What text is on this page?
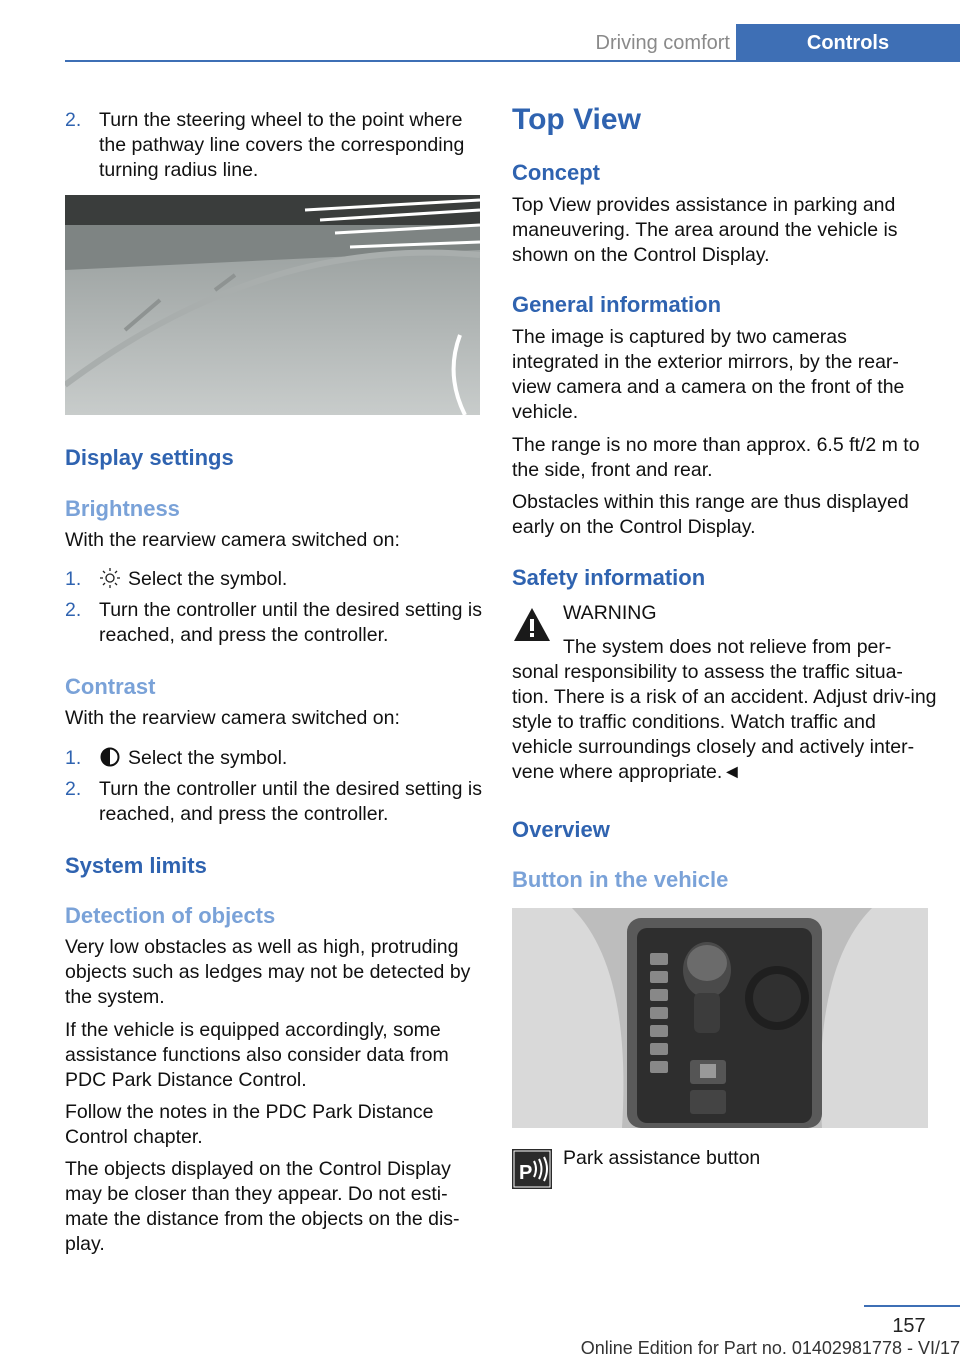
Driving comfort	Controls
2. Turn the steering wheel to the point where the pathway line covers the corresponding turning radius line.

Display settings
Brightness

With the rearview camera switched on:

1. Select the symbol.

2. Turn the controller until the desired setting is reached, and press the controller.

Contrast

With the rearview camera switched on:

1. Select the symbol.

2. Turn the controller until the desired setting is reached, and press the controller.

System limits
Detection of objects

Very low obstacles as well as high, protruding objects such as ledges may not be detected by the system.

If the vehicle is equipped accordingly, some assistance functions also consider data from PDC Park Distance Control.

Follow the notes in the PDC Park Distance Control chapter.

The objects displayed on the Control Display may be closer than they appear. Do not esti-mate the distance from the objects on the dis-play.

Top View
Concept

Top View provides assistance in parking and maneuvering. The area around the vehicle is shown on the Control Display.

General information

The image is captured by two cameras integrated in the exterior mirrors, by the rear-view camera and a camera on the front of the vehicle.

The range is no more than approx. 6.5 ft/2 m to the side, front and rear.

Obstacles within this range are thus displayed early on the Control Display.

Safety information
WARNING

The system does not relieve from per-

sonal responsibility to assess the traffic situa-tion. There is a risk of an accident. Adjust driv-ing style to traffic conditions. Watch traffic and vehicle surroundings closely and actively inter-vene where appropriate.◄

Overview
Button in the vehicle
P

Park assistance button

157
Online Edition for Part no. 01402981778 - VI/17
